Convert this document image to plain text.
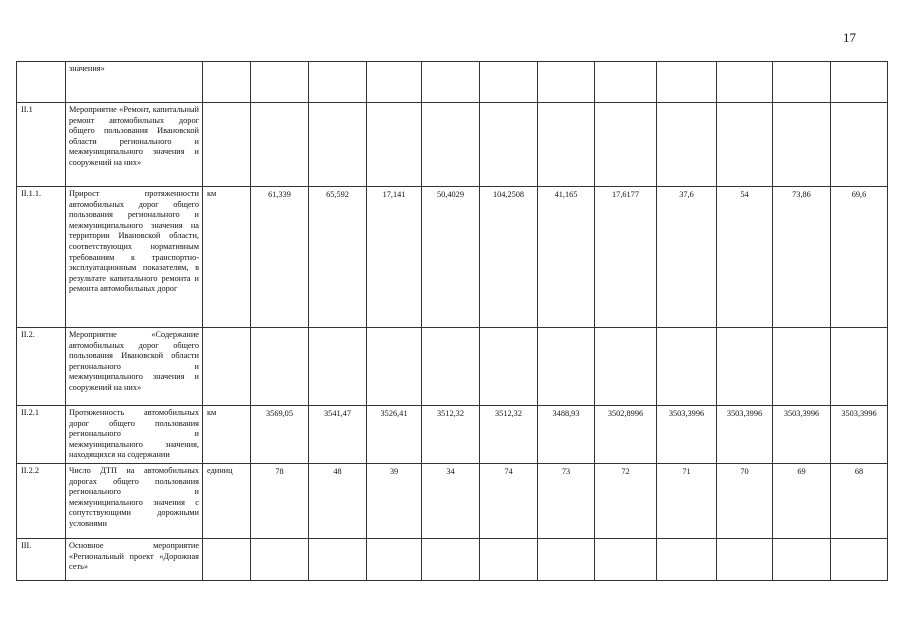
17
	значения»												
II.1	Мероприятие «Ремонт, капитальный ремонт автомобильных дорог общего пользования Ивановской области регионального и межмуниципального значения и сооружений на них»												
II.1.1.	Прирост протяженности автомобильных дорог общего пользования регионального и межмуниципального значения на территории Ивановской области, соответствующих нормативным требованиям к транспортно-эксплуатационным показателям, в результате капитального ремонта и ремонта автомобильных дорог	км	61,339	65,592	17,141	50,4029	104,2508	41,165	17,6177	37,6	54	73,86	69,6
II.2.	Мероприятие «Содержание автомобильных дорог общего пользования Ивановской области регионального и межмуниципального значения и сооружений на них»												
II.2.1	Протяженность автомобильных дорог общего пользования регионального и межмуниципального значения, находящихся на содержании	км	3569,05	3541,47	3526,41	3512,32	3512,32	3488,93	3502,8996	3503,3996	3503,3996	3503,3996	3503,3996
II.2.2	Число ДТП на автомобильных дорогах общего пользования регионального и межмуниципального значения с сопутствующими дорожными условиями	единиц	78	48	39	34	74	73	72	71	70	69	68
III.	Основное мероприятие «Региональный проект «Дорожная сеть»												
